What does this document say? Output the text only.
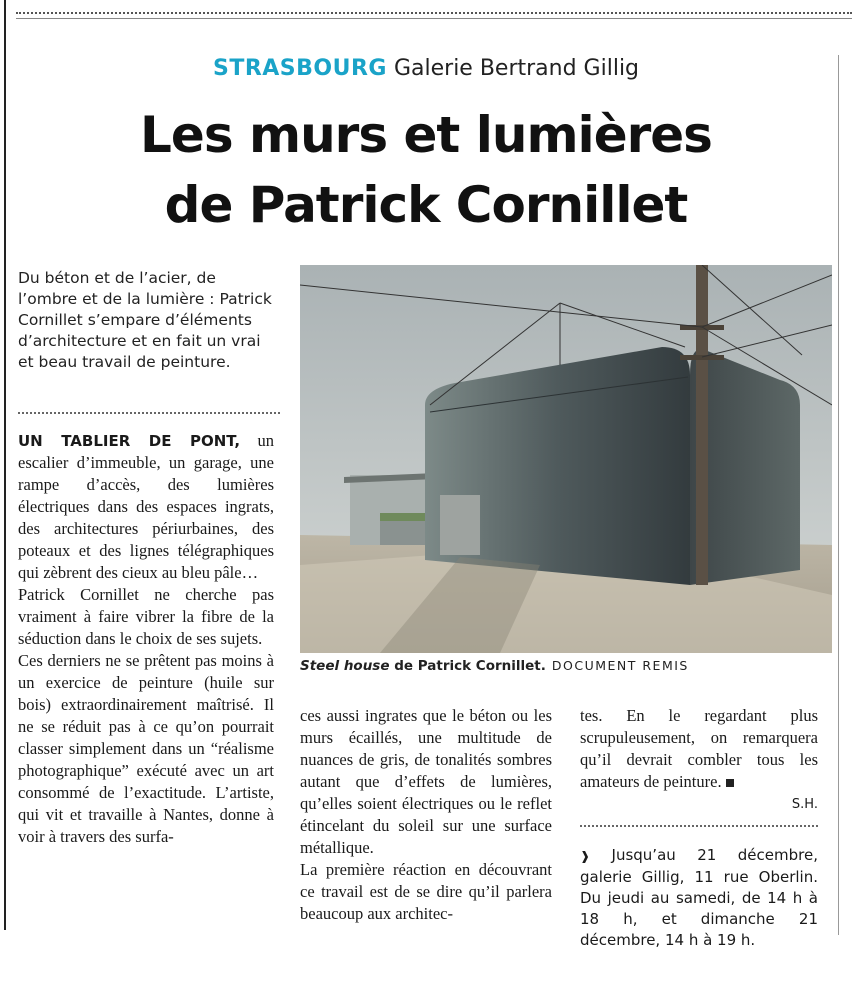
STRASBOURG Galerie Bertrand Gillig
Les murs et lumières
de Patrick Cornillet
Du béton et de l’acier, de l’ombre et de la lumière : Patrick Cornillet s’empare d’éléments d’architecture et en fait un vrai et beau travail de peinture.

UN TABLIER DE PONT, un escalier d’immeuble, un garage, une rampe d’accès, des lumières électriques dans des espaces ingrats, des architectures périurbaines, des poteaux et des lignes télégraphiques qui zèbrent des cieux au bleu pâle…

Patrick Cornillet ne cherche pas vraiment à faire vibrer la fibre de la séduction dans le choix de ses sujets.

Ces derniers ne se prêtent pas moins à un exercice de peinture (huile sur bois) extraordinairement maîtrisé. Il ne se réduit pas à ce qu’on pourrait classer simplement dans un “réalisme photographique” exécuté avec un art consommé de l’exactitude. L’artiste, qui vit et travaille à Nantes, donne à voir à travers des surfa-

Steel house de Patrick Cornillet. DOCUMENT REMIS

ces aussi ingrates que le béton ou les murs écaillés, une multitude de nuances de gris, de tonalités sombres autant que d’effets de lumières, qu’elles soient électriques ou le reflet étincelant du soleil sur une surface métallique.

La première réaction en découvrant ce travail est de se dire qu’il parlera beaucoup aux architec-

tes. En le regardant plus scrupuleusement, on remarquera qu’il devrait combler tous les amateurs de peinture.

S.H.
❱ Jusqu’au 21 décembre, galerie Gillig, 11 rue Oberlin. Du jeudi au samedi, de 14 h à 18 h, et dimanche 21 décembre, 14 h à 19 h.
